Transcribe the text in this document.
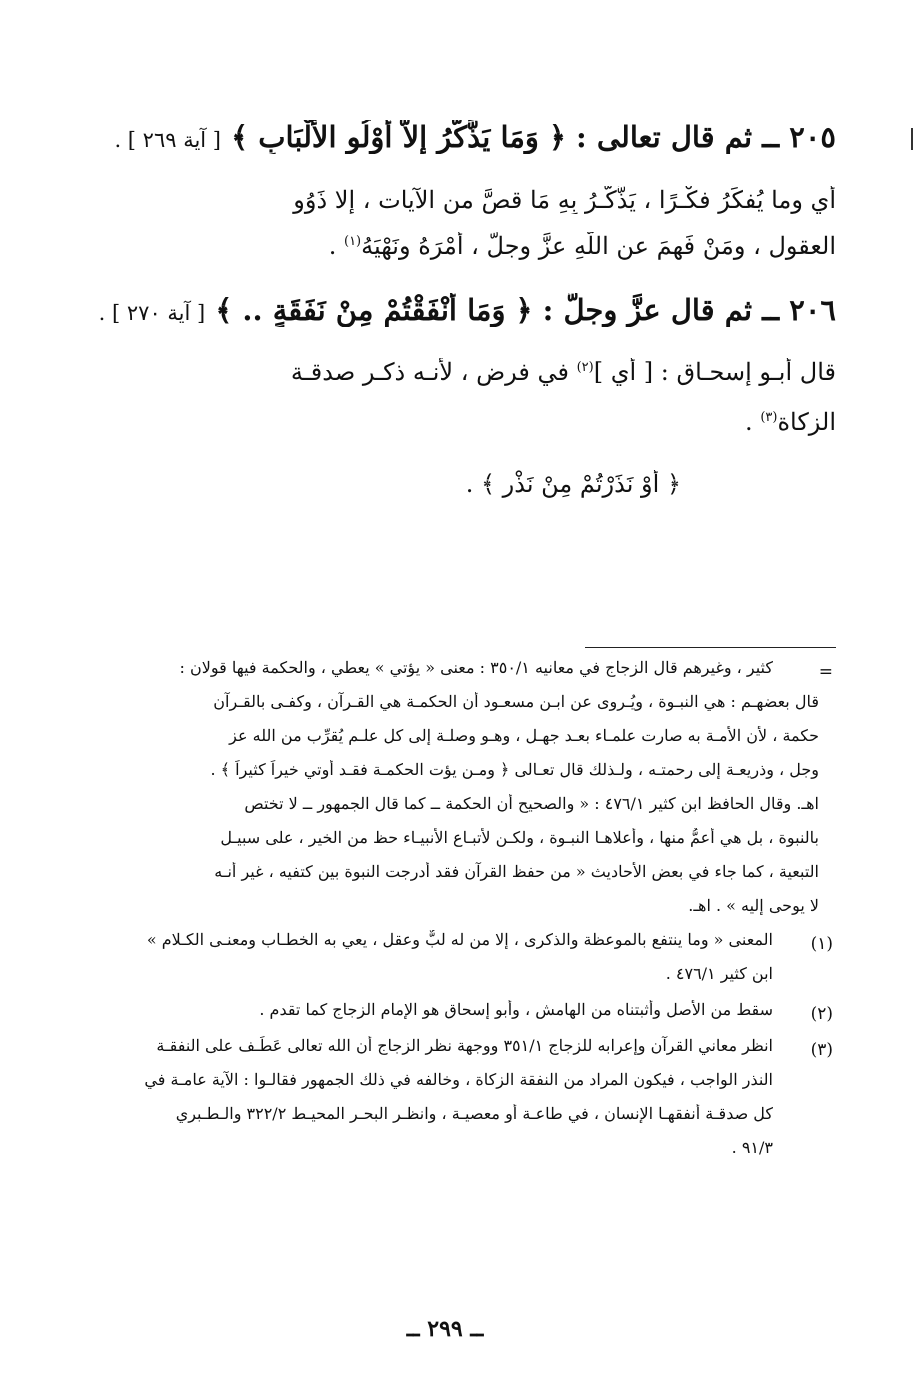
٢٠٥ ــ ثم قال تعالى : ﴿ وَمَا يَذَّكَّرُ إِلاَّ أُوْلُو الأَلْبَابِ ﴾ [ آية ٢٦٩ ] .
أي وما يُفكِّرُ فكْـرًا ، يَذَّكَّـرُ بِهِ مَا قصَّ من الآيات ، إلا ذَوُو
العقولِ ، ومَنْ فَهِمَ عن اللَّهِ عزَّ وجلَّ ، أَمْرَهُ ونَهْيَهُ$^{(١)}$ .
٢٠٦ ــ ثم قال عزَّ وجلَّ : ﴿ وَمَا أَنْفَقْتُمْ مِنْ نَفَقَةٍ .. ﴾ [ آية ٢٧٠ ] .
قال أبـو إسحـاق : [ أي ]$^{(٢)}$ في فرضٍ ، لأنـه ذكـر صدقـة
الزكاة$^{(٣)}$ .
﴿ أَوْ نَذَرْتُمْ مِنْ نَذْرٍ ﴾ .
=
كثير ، وغيرهم قال الزجاج في معانيه ٣٥٠/١ : معنى « يؤتي » يعطي ، والحكمة فيها قولان :
قال بعضهـم : هي النبـوة ، ويُـروى عن ابـن مسعـود أن الحكمـة هي القـرآن ، وكفـى بالقـرآن
حكمة ، لأن الأمـة به صارت علمـاء بعـد جهـل ، وهـو وصلـة إلى كل علـم يُقرِّب من الله عز
وجل ، وذريعـة إلى رحمتـه ، ولـذلك قال تعـالى ﴿ ومـن يؤت الحكمـة فقـد أوتي خيراً كثيراً ﴾ .
اهـ. وقال الحافظ ابن كثير ٤٧٦/١ : « والصحيح أن الحكمة ــ كما قال الجمهور ــ لا تختص
بالنبوة ، بل هي أعمُّ منها ، وأعلاهـا النبـوة ، ولكـن لأتبـاع الأنبيـاء حظ من الخير ، على سبيـل
التبعية ، كما جاء في بعض الأحاديث « من حفظ القرآن فقد أدرجت النبوة بين كتفيه ، غير أنـه
لا يوحى إليه » . اهـ.
(١)
المعنى « وما ينتفع بالموعظة والذكرى ، إلا من له لبٌّ وعقل ، يعي به الخطـاب ومعنـى الكـلام »
ابن كثير ٤٧٦/١ .
(٢)
سقط من الأصل وأثبتناه من الهامش ، وأبو إسحاق هو الإمام الزجاج كما تقدم .
(٣)
انظر معاني القرآن وإعرابه للزجاج ٣٥١/١ ووجهة نظر الزجاج أن الله تعالى عَطَـف على النفقـة
النذر الواجب ، فيكون المراد من النفقة الزكاة ، وخالفه في ذلك الجمهور فقالـوا : الآية عامـة في
كل صدقـة أنفقهـا الإنسان ، في طاعـة أو معصيـة ، وانظـر البحـر المحيـط ٣٢٢/٢ والـطـبري
٩١/٣ .
ــ ٢٩٩ ــ
